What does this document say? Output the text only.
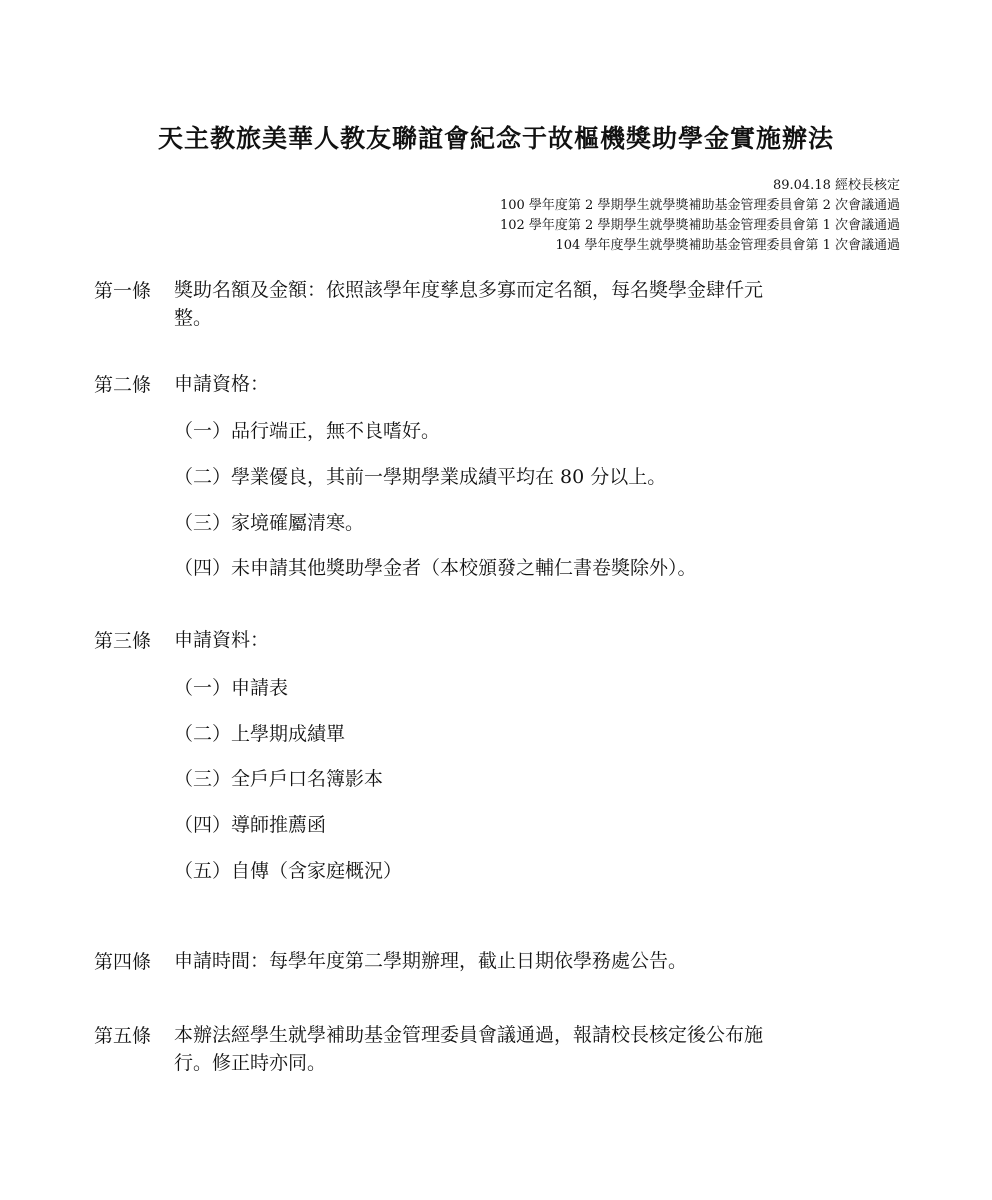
天主教旅美華人教友聯誼會紀念于故樞機獎助學金實施辦法
89.04.18 經校長核定
100 學年度第 2 學期學生就學獎補助基金管理委員會第 2 次會議通過
102 學年度第 2 學期學生就學獎補助基金管理委員會第 1 次會議通過
104 學年度學生就學獎補助基金管理委員會第 1 次會議通過
第一條 獎助名額及金額：依照該學年度孳息多寡而定名額，每名獎學金肆仟元
整。
第二條 申請資格：
（一）品行端正，無不良嗜好。
（二）學業優良，其前一學期學業成績平均在 80 分以上。
（三）家境確屬清寒。
（四）未申請其他獎助學金者（本校頒發之輔仁書卷獎除外）。
第三條 申請資料：
（一）申請表
（二）上學期成績單
（三）全戶戶口名簿影本
（四）導師推薦函
（五）自傳（含家庭概況）
第四條 申請時間：每學年度第二學期辦理，截止日期依學務處公告。
第五條 本辦法經學生就學補助基金管理委員會議通過，報請校長核定後公布施
行。修正時亦同。
